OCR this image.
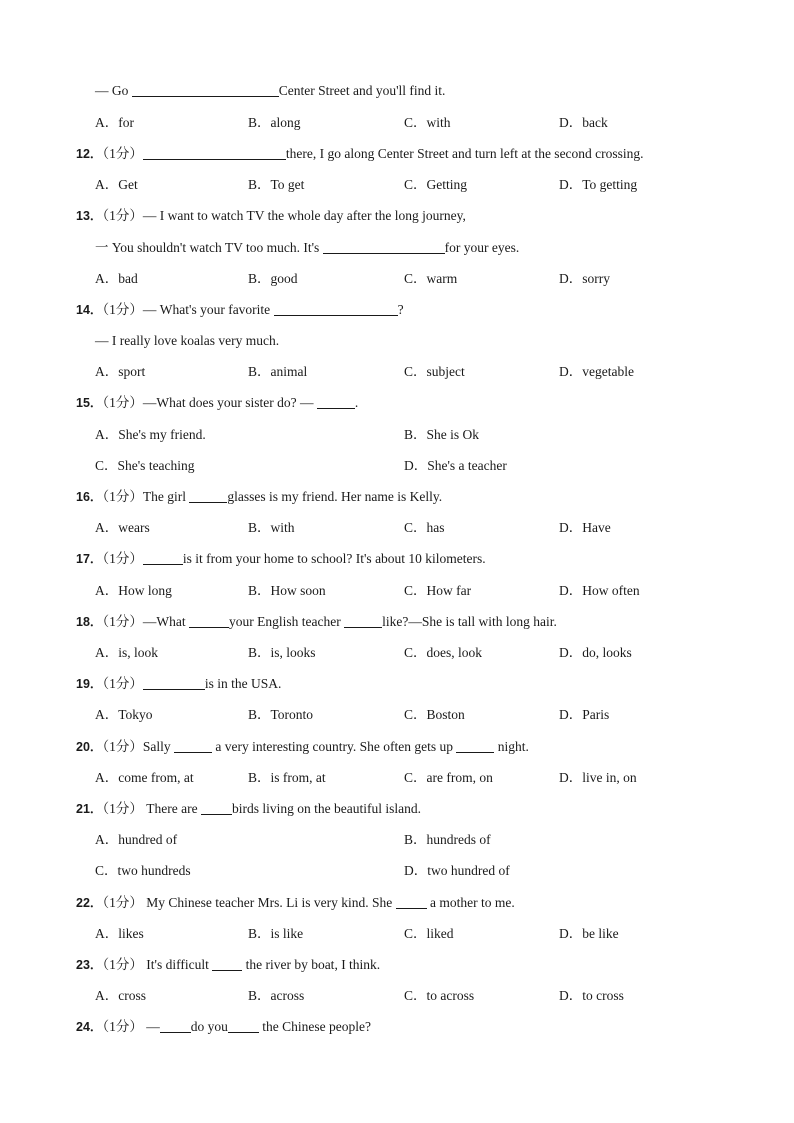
— Go	Center Street and you'll find it.
A．for	B．along	C．with	D．back
12．（1分）	there, I go along Center Street and turn left at the second crossing.
A．Get	B．To get	C．Getting	D．To getting
13．（1分）— I want to watch TV the whole day after the long journey,
一 You shouldn't watch TV too much. It's	for your eyes.
A．bad	B．good	C．warm	D．sorry
14．（1分）— What's your favorite	?
— I really love koalas very much.
A．sport	B．animal	C．subject	D．vegetable
15．（1分）—What does your sister do? —	.
A．She's my friend.	B．She is Ok
C．She's teaching	D．She's a teacher
16．（1分）The girl	glasses is my friend. Her name is Kelly.
A．wears	B．with	C．has	D．Have
17．（1分）	is it from your home to school? It's about 10 kilometers.
A．How long	B．How soon	C．How far	D．How often
18．（1分）—What	your English teacher	like?—She is tall with long hair.
A．is, look	B．is, looks	C．does, look	D．do, looks
19．（1分）	is in the USA.
A．Tokyo	B．Toronto	C．Boston	D．Paris
20．（1分）Sally	a very interesting country. She often gets up	night.
A．come from, at	B．is from, at	C．are from, on	D．live in, on
21．（1分） There are birds living on the beautiful island.
A．hundred of	B．hundreds of
C．two hundreds	D．two hundred of
22．（1分） My Chinese teacher Mrs. Li is very kind. She  a mother to me.
A．likes	B．is like	C．liked	D．be like
23．（1分） It's difficult  the river by boat, I think.
A．cross	B．across	C．to across	D．to cross
24．（1分） — do you the Chinese people?
